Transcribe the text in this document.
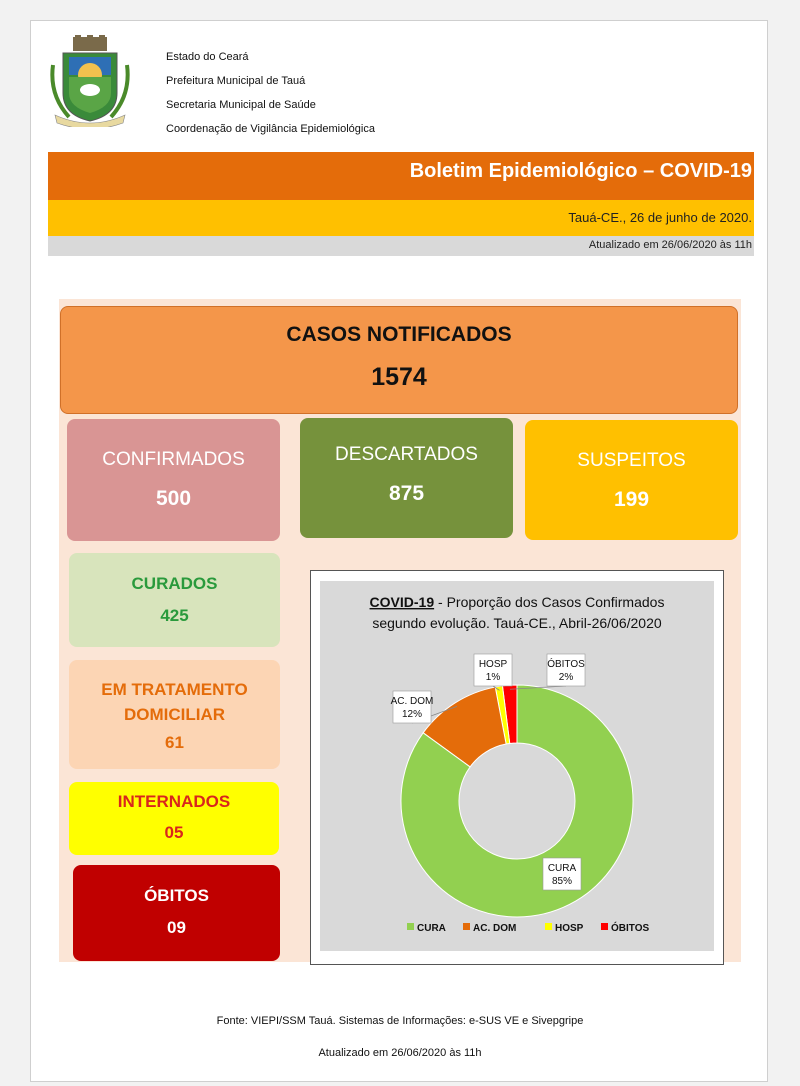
Estado do Ceará
Prefeitura Municipal de Tauá
Secretaria Municipal de Saúde
Coordenação de Vigilância Epidemiológica
Boletim Epidemiológico – COVID-19
Tauá-CE., 26 de junho de 2020.
Atualizado em 26/06/2020 às 11h
CASOS NOTIFICADOS
1574
CONFIRMADOS
500
DESCARTADOS
875
SUSPEITOS
199
CURADOS
425
EM TRATAMENTO
DOMICILIAR
61
INTERNADOS
05
ÓBITOS
09
COVID-19 - Proporção dos Casos Confirmados
segundo evolução. Tauá-CE., Abril-26/06/2020
CURA
85%
AC. DOM
12%
HOSP
1%
ÓBITOS
2%
CURA	AC. DOM	HOSP	ÓBITOS
Fonte: VIEPI/SSM Tauá. Sistemas de Informações: e-SUS VE e Sivepgripe
Atualizado em 26/06/2020 às 11h
